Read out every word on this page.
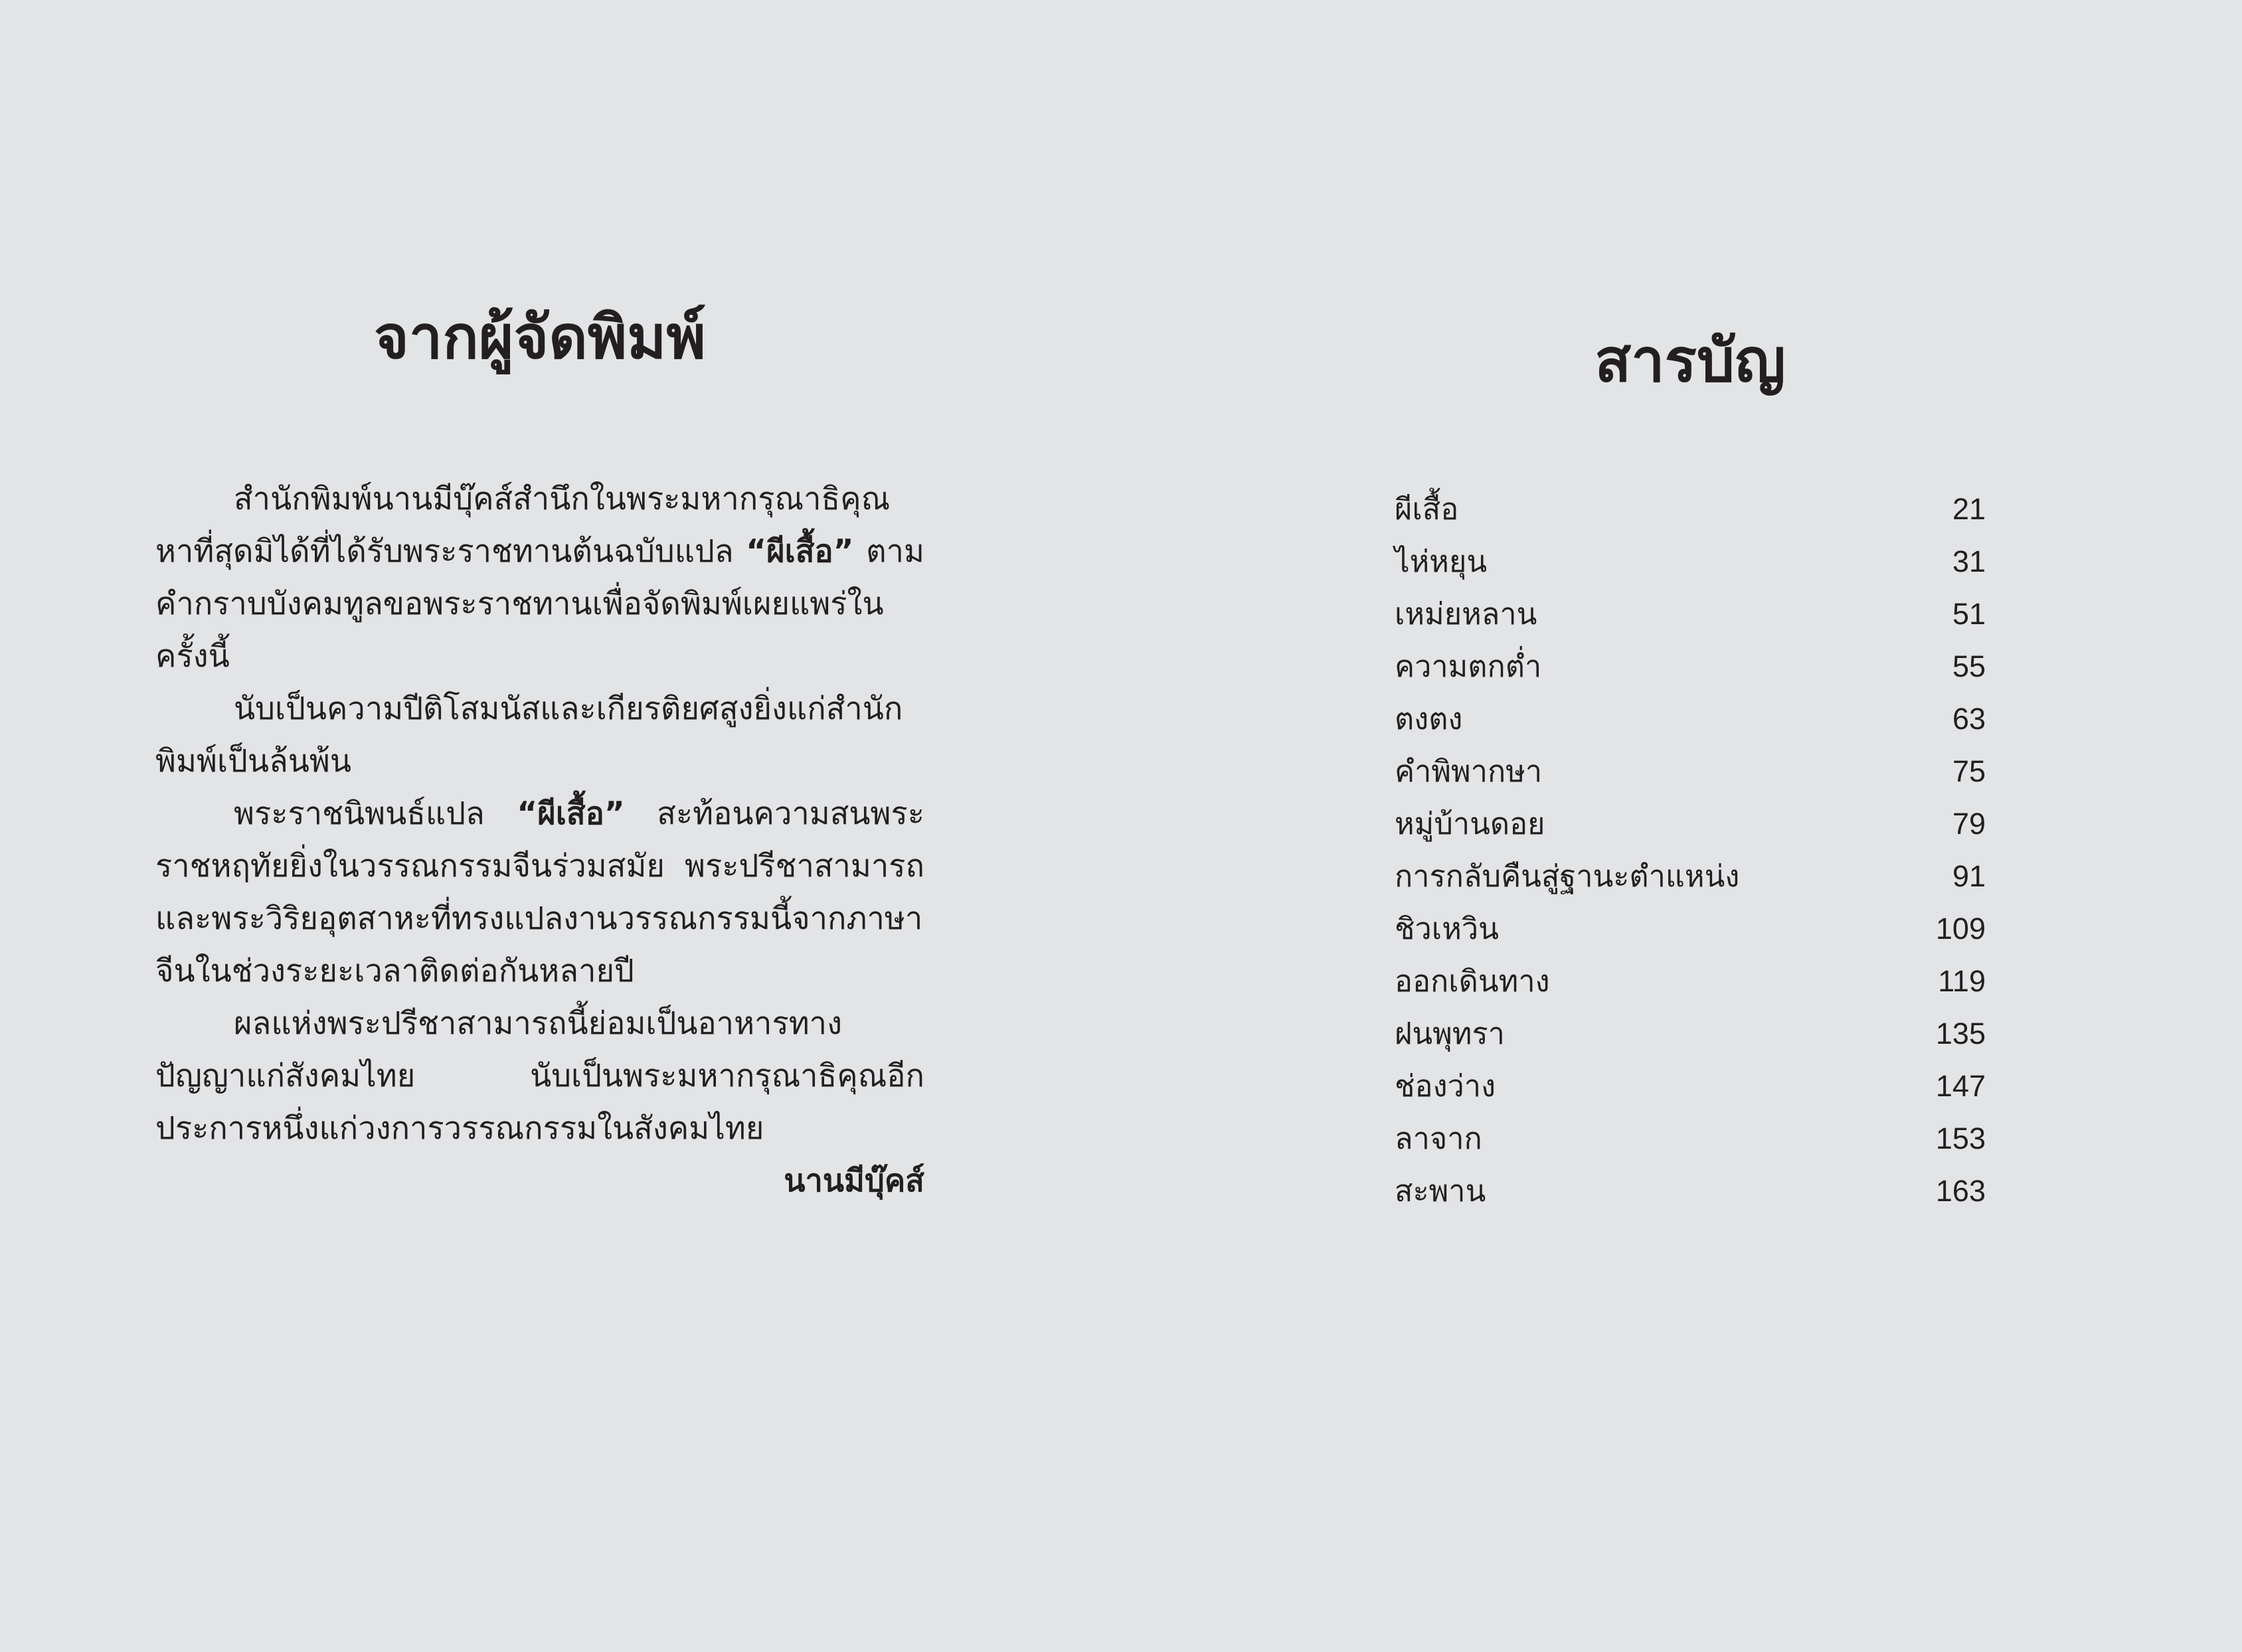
จากผู้จัดพิมพ์

สำนักพิมพ์นานมีบุ๊คส์สำนึกในพระมหากรุณาธิคุณหาที่สุดมิได้ที่ได้รับพระราชทานต้นฉบับแปล “ผีเสื้อ” ตามคำกราบบังคมทูลขอพระราชทานเพื่อจัดพิมพ์เผยแพร่ในครั้งนี้

นับเป็นความปีติโสมนัสและเกียรติยศสูงยิ่งแก่สำนักพิมพ์เป็นล้นพ้น

พระราชนิพนธ์แปล “ผีเสื้อ” สะท้อนความสนพระราชหฤทัยยิ่งในวรรณกรรมจีนร่วมสมัย พระปรีชาสามารถ และพระวิริยอุตสาหะที่ทรงแปลงานวรรณกรรมนี้จากภาษาจีนในช่วงระยะเวลาติดต่อกันหลายปี

ผลแห่งพระปรีชาสามารถนี้ย่อมเป็นอาหารทางปัญญาแก่สังคมไทย นับเป็นพระมหากรุณาธิคุณอีกประการหนึ่งแก่วงการวรรณกรรมในสังคมไทย

นานมีบุ๊คส์
สารบัญ
ผีเสื้อ	21
ไห่หยุน	31
เหม่ยหลาน	51
ความตกต่ำ	55
ตงตง	63
คำพิพากษา	75
หมู่บ้านดอย	79
การกลับคืนสู่ฐานะตำแหน่ง	91
ชิวเหวิน	109
ออกเดินทาง	119
ฝนพุทรา	135
ช่องว่าง	147
ลาจาก	153
สะพาน	163
